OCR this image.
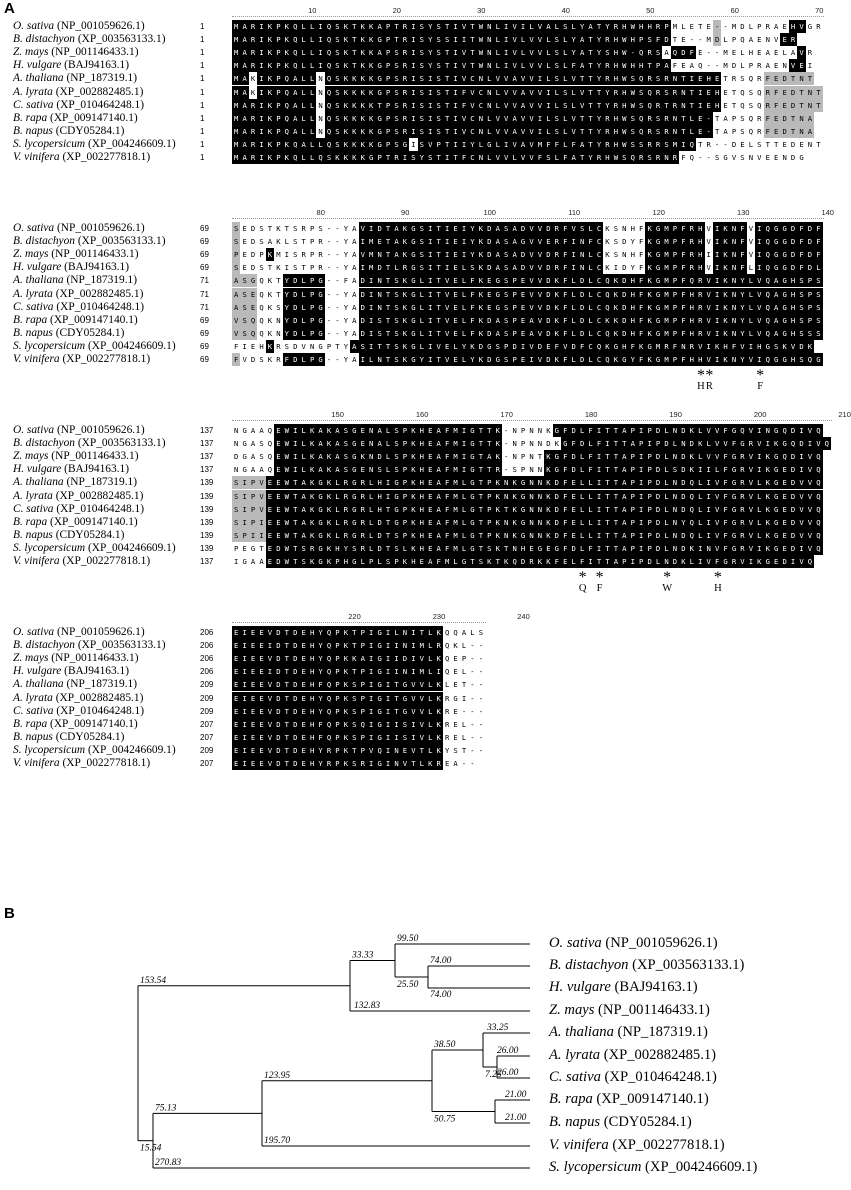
A	10	20	30	40	50	60	70
O. sativa (NP_001059626.1)	1	M A R I K P K Q L L I Q S K T K K A P T R I S Y S T I V T W N L I V I L V A L S L Y A T Y R H W H H R P M L E T E - - M D L P R A E H V G R
B. distachyon (XP_003563133.1)	1	M A R I K P K Q L L I Q S K T K K G P T R I S Y S S I I T W N L I V L V V L S L Y A T Y R H W H P S F D T E - - M D L P Q A E N V E R
Z. mays (NP_001146433.1)	1	M A R I K P K Q L L I Q S K T K K A P S R I S Y S T I V T W N L I V L V V L S L Y A T Y S H W - Q R S A Q D F E - - M E L H E A E L A V R
H. vulgare (BAJ94163.1)	1	M A R I K P K Q L L I Q S K T K K G P S R I S Y S T I V T W N L I V L V V L S L F A T Y R H W H H T P A F E A Q - - M D L P R A E N V E I
A. thaliana (NP_187319.1)	1	M A K I K P Q A L L N Q S K K K K G P S R I S I S T I V C N L V V A V V I L S L V T T Y R H W S Q R S R N T I E H E T R S Q R F E D T N T
A. lyrata (XP_002882485.1)	1	M A K I K P Q A L L N Q S K K K K G P S R I S I S T I F V C N L V V A V V I L S L V T T Y R H W S Q R S R N T I E H E T Q S Q R F E D T N T
C. sativa (XP_010464248.1)	1	M A R I K P Q A L L N Q S K K K K T P S R I S I S T I F V C N L V V A V V I L S L V T T Y R H W S Q R T R N T I E H E T Q S Q R F E D T N T
B. rapa (XP_009147140.1)	1	M A R I K P Q A L L N Q S K K K K G P S R I S I S T I V C N L V V A V V I L S L V T T Y R H W S Q R S R N T L E - T A P S Q R F E D T N A
B. napus (CDY05284.1)	1	M A R I K P Q A L L N Q S K K K K G P S R I S I S T I V C N L V V A V V I L S L V T T Y R H W S Q R S R N T L E - T A P S Q R F E D T N A
S. lycopersicum (XP_004246609.1)	1	M A R I K P K Q A L L Q S K K K K G P S G I S V P T I I Y L G L I V A V M F F L F A T Y R H W S S R R S M I Q T R - - D E L S T T E D E N T
V. vinifera (XP_002277818.1)	1	M A R I K P K Q L L Q S K K K K G P T R I S Y S T I T F C N L V V L V V F S L F A T Y R H W S Q R S R N R F Q - - S G V S N V E E N D G
80	90	100	110	120	130	140
O. sativa (NP_001059626.1)	69	S E D S T K T S R P S - - Y A V I D T A K G S I T I E I Y K D A S A D V V D R F V S L C K S N H F K G M P F R H V I K N F V I Q G G D F D F
B. distachyon (XP_003563133.1)	69	S E D S A K L S T P R - - Y A I M E T A K G S I T I E I Y K D A S A G V V E R F I N F C K S D Y F K G M P F R H V I K N F V I Q G G D F D F
Z. mays (NP_001146433.1)	69	P E D P K M I S R P R - - Y A V M N T A K G S I T I E I Y K D A S A D V V D R F I N L C K S N H F K G M P F R H I I K N F V I Q G G D F D F
H. vulgare (BAJ94163.1)	69	S E D S T K I S T P R - - Y A I M D T L R G S I T I E L S K D A S A D V V D R F I N L C K I D Y F K G M P F R H V I K N F L I Q G G D F D L
A. thaliana (NP_187319.1)	71	A S G Q K T Y D L P G - - F A D I N T S K G L I T V E L F K E G S P E V V D K F L D L C Q K D H F K G M P F Q R V I K N Y L V Q A G H S P S
A. lyrata (XP_002882485.1)	71	A S E Q K T Y D L P G - - Y A D I N T S K G L I T V E L F K E G S P E V V D K F L D L C Q K D H F K G M P F H R V I K N Y L V Q A G H S P S
C. sativa (XP_010464248.1)	71	A S E Q K S Y D L P G - - Y A D I N T S K G L I T V E L F K E G S P E V V D K F L D L C Q K D H F K G M P F H R V I K N Y L V Q A G H S P S
B. rapa (XP_009147140.1)	69	V S Q Q K N Y D L P G - - Y A D I S T S K G L I T V E L F K D A S P E A V D K F L D L C K K D H F K G M P F H R V I K N Y L V Q A G H S P S
B. napus (CDY05284.1)	69	V S Q Q K N Y D L P G - - Y A D I S T S K G L I T V E L F K D A S P E A V D K F L D L C Q K D H F K G M P F H R V I K N Y L V Q A G H S S S
S. lycopersicum (XP_004246609.1)	69	F I E H K R S D V N G P T Y A S I T T S K G L I V E L Y K D G S P D I V D E F V D F C Q K G H F K G M R F N R V I K H F V I H G S K V D K
V. vinifera (XP_002277818.1)	69	F V D S K R F D L P G - - Y A I L N T S K G Y I T V E L Y K D G S P E I V D K F L D L C Q K G Y F K G M P F H H V I K N Y V I Q G G H S Q G
*
H
*
R
*
F
150	160	170	180	190	200	210
O. sativa (NP_001059626.1)	137	N G A A Q E W I L K A K A S G E N A L S P K H E A F M I G T T K - N P N N K G F D L F I T T A P I P D L N D K L V V F G Q V I N G Q D I V Q
B. distachyon (XP_003563133.1)	137	N G A S Q E W I L K A K A S G E N A L S P K H E A F M I G T T K - N P N N D K G F D L F I T T A P I P D L N D K L V V F G R V I K G Q D I V Q
Z. mays (NP_001146433.1)	137	D G A S Q E W I L K A K A S G K N D L S P K H E A F M I G T A K - N P N T K G F D L F I T T A P I P D L N D K L V V F G R V I K G Q D I V Q
H. vulgare (BAJ94163.1)	137	N G A A Q E W I L K A K A S G E N S L S P K H E A F M I G T T R - S P N N K G F D L F I T T A P I P D L S D K I I L F G R V I K G E D I V Q
A. thaliana (NP_187319.1)	139	S I P V E E W T A K G K L R G R L H I G P K H E A F M L G T P K N K G N N K D F E L L I T T A P I P D L N D Q L I V F G R V L K G E D V V Q
A. lyrata (XP_002882485.1)	139	S I P V E E W T A K G K L R G R L H I G P K H E A F M L G T P K N K G N N K D F E L L I T T A P I P D L N D Q L I V F G R V L K G E D V V Q
C. sativa (XP_010464248.1)	139	S I P V E E W T A K G K L R G R L H T G P K H E A F M L G T P K T K G N N K D F E L L I T T A P I P D L N D Q L I V F G R V L K G E D V V Q
B. rapa (XP_009147140.1)	139	S I P I E E W T A K G K L R G R L D T G P K H E A F M L G T P K N K G N N K D F E L L I T T A P I P D L N Y Q L I V F G R V L K G E D V V Q
B. napus (CDY05284.1)	139	S P I I E E W T A K G K L R G R L D T S P K H E A F M L G T P K N K G N N K D F E L L I T T A P I P D L N D Q L I V F G R V L K G E D V V Q
S. lycopersicum (XP_004246609.1)	139	P E G T E D W T S R G K H Y S R L D T S L K H E A F M L G T S K T N H E G E G F D L F I T T A P I P D L N D K I N V F G R V I K G E D I V Q
V. vinifera (XP_002277818.1)	137	I G A A E D W T S K G K P H G L P L S P K H E A F M L G T S K T K Q D R K K F E L F I T T A P I P D L N D K L I V F G R V I K G E D I V Q
*
Q
*
F
*
W
*
H
220	230	240
O. sativa (NP_001059626.1)	206	E I E E V D T D E H Y Q P K T P I G I L N I T L K Q Q A L S
B. distachyon (XP_003563133.1)	206	E I E E I D T D E H Y Q P K T P I G I I N I M L R Q K L - -
Z. mays (NP_001146433.1)	206	E I E E V D T D E H Y Q P K K A I G I I D I V L K Q E P - -
H. vulgare (BAJ94163.1)	206	E I E E I D T D E H Y Q P K T P I G I I N I M L I Q E L - -
A. thaliana (NP_187319.1)	209	E I E E V D T D E H F Q P K S P I G I T G V V L K L E T - -
A. lyrata (XP_002882485.1)	209	E I E E V D T D E H Y Q P K S P I G I T G V V L K R G I - -
C. sativa (XP_010464248.1)	209	E I E E V D T D E H Y Q P K S P I G I T G V V L K R E - - -
B. rapa (XP_009147140.1)	207	E I E E V D T D E H F Q P K S Q I G I I S I V L K R E L - -
B. napus (CDY05284.1)	207	E I E E V D T D E H F Q P K S P I G I I S I V L K R E L - -
S. lycopersicum (XP_004246609.1)	209	E I E E V D T D E H Y R P K T P V Q I N E V T L K Y S T - -
V. vinifera (XP_002277818.1)	207	E I E E V D T D E H Y R P K S R I G I N V T L K R E A - -
B
153.54
33.33
132.83
99.50
25.50
74.00
74.00
15.54
75.13
270.83
123.95
195.70
38.50
50.75
33.25
7.25
26.00
26.00
21.00
21.00
O. sativa (NP_001059626.1)
B. distachyon (XP_003563133.1)
H. vulgare (BAJ94163.1)
Z. mays (NP_001146433.1)
A. thaliana (NP_187319.1)
A. lyrata (XP_002882485.1)
C. sativa (XP_010464248.1)
B. rapa (XP_009147140.1)
B. napus (CDY05284.1)
V. vinifera (XP_002277818.1)
S. lycopersicum (XP_004246609.1)
